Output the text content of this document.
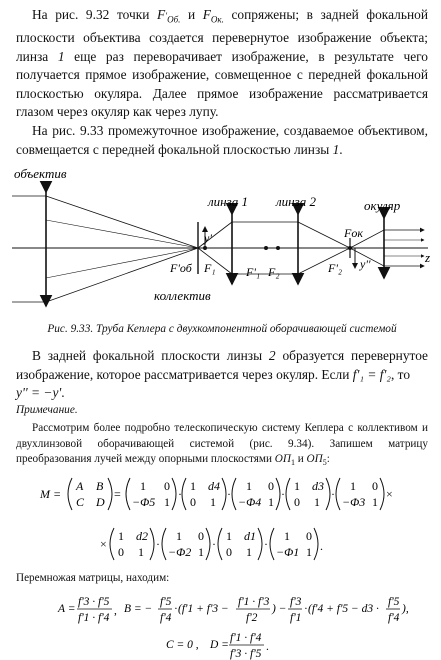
На рис. 9.32 точки $F'_{Об.}$ и $F_{Ок.}$ сопряжены; в задней фокальной плоскости объектива создается перевернутое изображение объекта; линза 1 еще раз переворачивает изображение, в результате чего получается прямое изображение, совмещенное с передней фокальной плоскостью окуляра. Далее прямое изображение рассматривается глазом через окуляр как через лупу.
На рис. 9.33 промежуточное изображение, создаваемое объективом, совмещается с передней фокальной плоскостью линзы 1.
объектив
линза 1 линза 2	окуляр
y'	Fок
z
F'об F₁	F'₁ F₂	F'₂ y''
коллектив
Рис. 9.33. Труба Кеплера с двухкомпонентной оборачивающей системой
В задней фокальной плоскости линзы 2 образуется перевернутое изображение, которое рассматривается через окуляр. Если f'₁ = f'₂, то
y'' = −y'.
Примечание.
Рассмотрим более подробно телескопическую систему Кеплера с коллективом и двухлинзовой оборачивающей системой (рис. 9.34). Запишем матрицу преобразования лучей между опорными плоскостями $ОП_1$ и $ОП_5$:
M =
A B
C D
=
1 0
−Φ5 1
·
1 d4
0 1
·
1 0
−Φ4 1
·
1 d3
0 1
·
1 0
−Φ3 1
×
×
1 d2
0 1
·
1 0
−Φ2 1
·
1 d1
0 1
·
1 0
−Φ1 1 .
Перемножая матрицы, находим:
A =
f'3 · f'5
f'1 · f'4
, B = −
f'5
f'4
· (f'1 + f'3 −
f'1 · f'3
f'2
) −
f'3
f'1
· (f'4 + f'5 − d3 ·
f'5
f'4
),
C = 0 , D =
f'1 · f'4
f'3 · f'5
.
